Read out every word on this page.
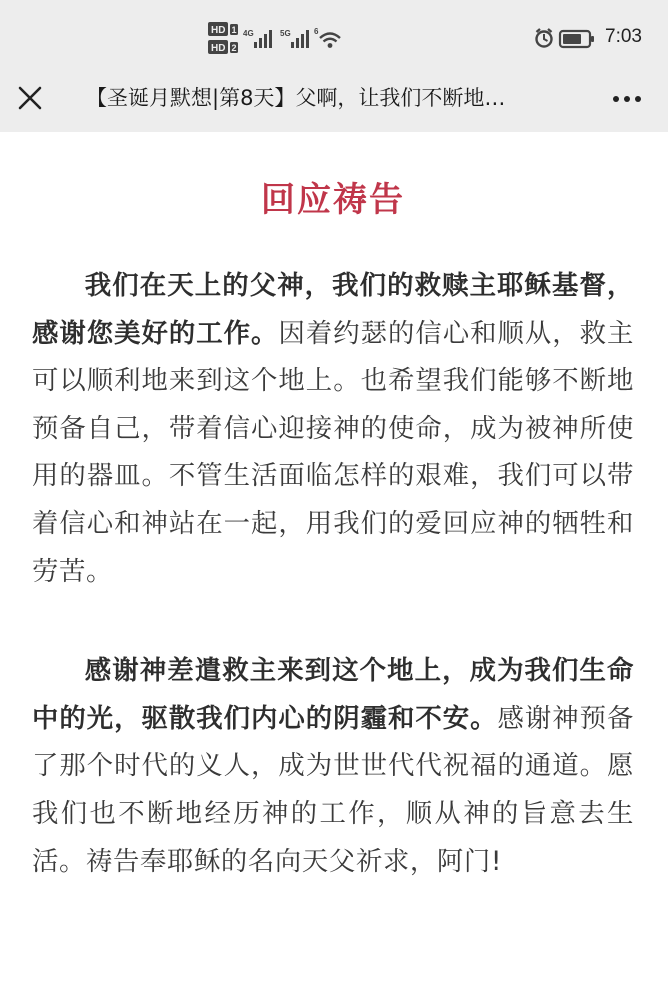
HD 1
HD 2
4G	5G	6	7:03
【圣诞月默想|第8天】父啊，让我们不断地…
回应祷告

我们在天上的父神，我们的救赎主耶稣基督，感谢您美好的工作。因着约瑟的信心和顺从，救主可以顺利地来到这个地上。也希望我们能够不断地预备自己，带着信心迎接神的使命，成为被神所使用的器皿。不管生活面临怎样的艰难，我们可以带着信心和神站在一起，用我们的爱回应神的牺牲和劳苦。

感谢神差遣救主来到这个地上，成为我们生命中的光，驱散我们内心的阴霾和不安。感谢神预备了那个时代的义人，成为世世代代祝福的通道。愿我们也不断地经历神的工作，顺从神的旨意去生活。祷告奉耶稣的名向天父祈求，阿门!
